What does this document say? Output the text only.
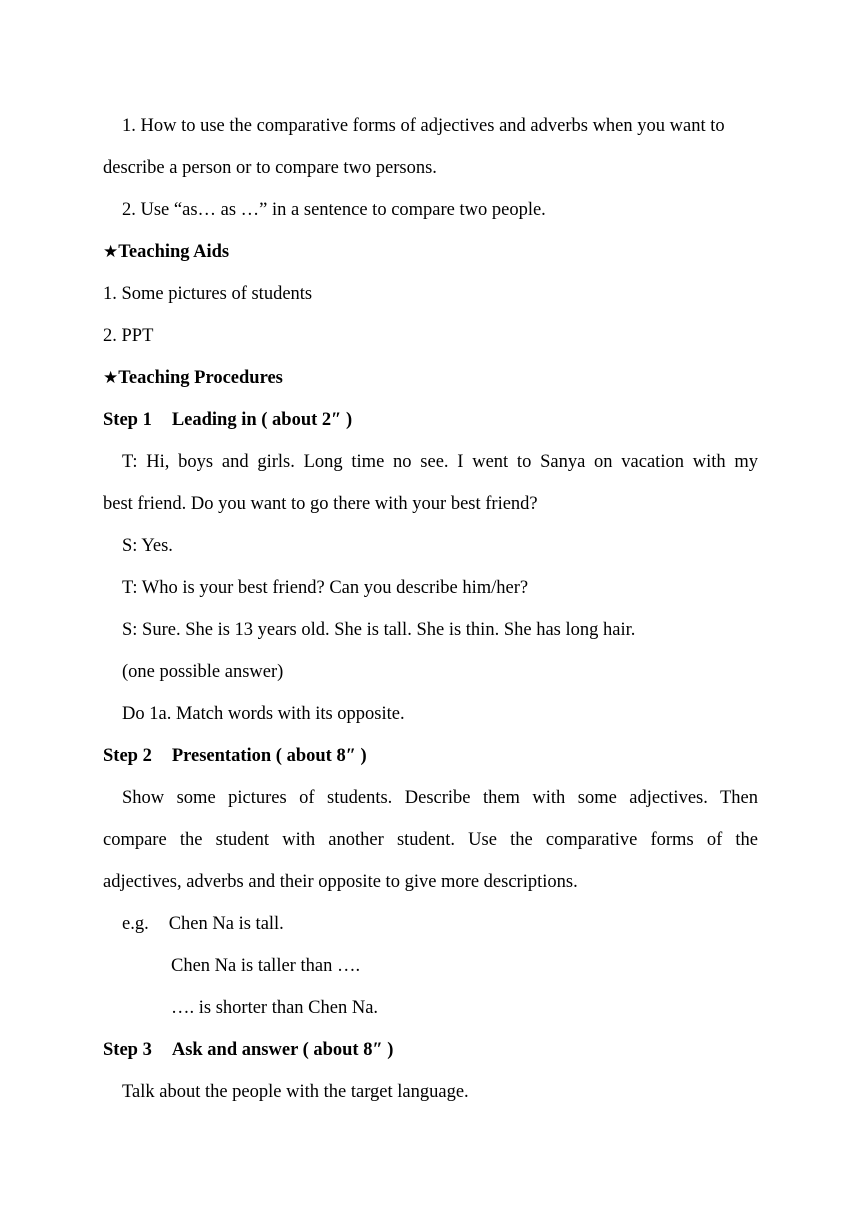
1. How to use the comparative forms of adjectives and adverbs when you want to
describe a person or to compare two persons.
2. Use “as… as …” in a sentence to compare two people.
★Teaching Aids
1. Some pictures of students
2. PPT
★Teaching Procedures
Step 1 Leading in ( about 2″ )
T: Hi, boys and girls. Long time no see. I went to Sanya on vacation with my
best friend. Do you want to go there with your best friend?
S: Yes.
T: Who is your best friend? Can you describe him/her?
S: Sure. She is 13 years old. She is tall. She is thin. She has long hair.
(one possible answer)
Do 1a. Match words with its opposite.
Step 2 Presentation ( about 8″ )
Show some pictures of students. Describe them with some adjectives. Then
compare the student with another student. Use the comparative forms of the
adjectives, adverbs and their opposite to give more descriptions.
e.g. Chen Na is tall.
Chen Na is taller than ….
…. is shorter than Chen Na.
Step 3 Ask and answer ( about 8″ )
Talk about the people with the target language.
